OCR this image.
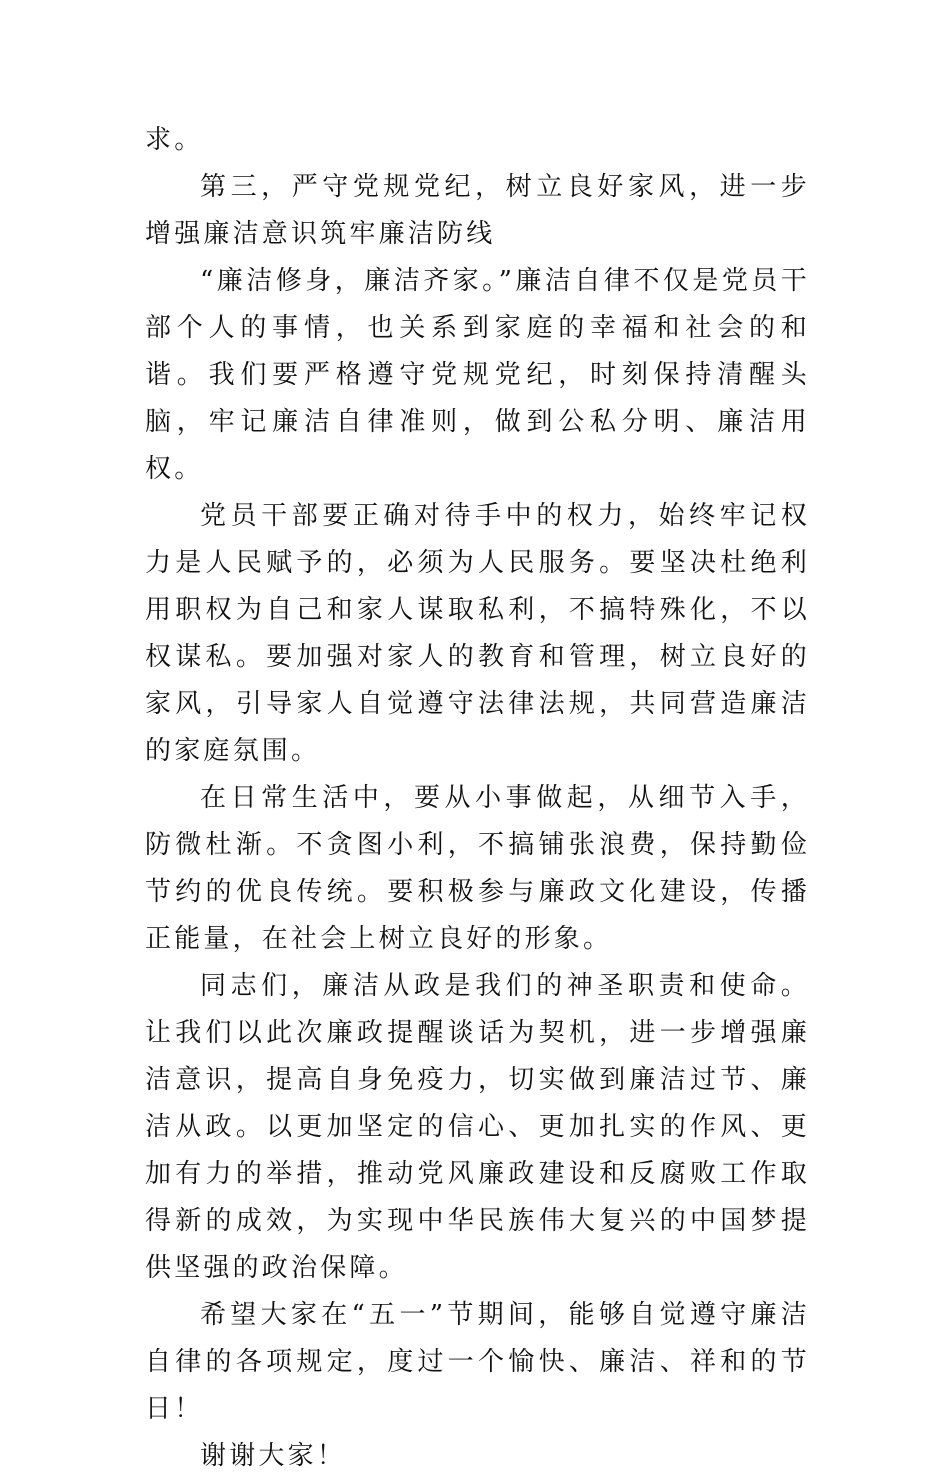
求。

第三，严守党规党纪，树立良好家风，进一步增强廉洁意识筑牢廉洁防线

“廉洁修身，廉洁齐家。”廉洁自律不仅是党员干部个人的事情，也关系到家庭的幸福和社会的和谐。我们要严格遵守党规党纪，时刻保持清醒头脑，牢记廉洁自律准则，做到公私分明、廉洁用权。

党员干部要正确对待手中的权力，始终牢记权力是人民赋予的，必须为人民服务。要坚决杜绝利用职权为自己和家人谋取私利，不搞特殊化，不以权谋私。要加强对家人的教育和管理，树立良好的家风，引导家人自觉遵守法律法规，共同营造廉洁的家庭氛围。

在日常生活中，要从小事做起，从细节入手，防微杜渐。不贪图小利，不搞铺张浪费，保持勤俭节约的优良传统。要积极参与廉政文化建设，传播正能量，在社会上树立良好的形象。

同志们，廉洁从政是我们的神圣职责和使命。让我们以此次廉政提醒谈话为契机，进一步增强廉洁意识，提高自身免疫力，切实做到廉洁过节、廉洁从政。以更加坚定的信心、更加扎实的作风、更加有力的举措，推动党风廉政建设和反腐败工作取得新的成效，为实现中华民族伟大复兴的中国梦提供坚强的政治保障。

希望大家在“五一”节期间，能够自觉遵守廉洁自律的各项规定，度过一个愉快、廉洁、祥和的节日！

谢谢大家！
